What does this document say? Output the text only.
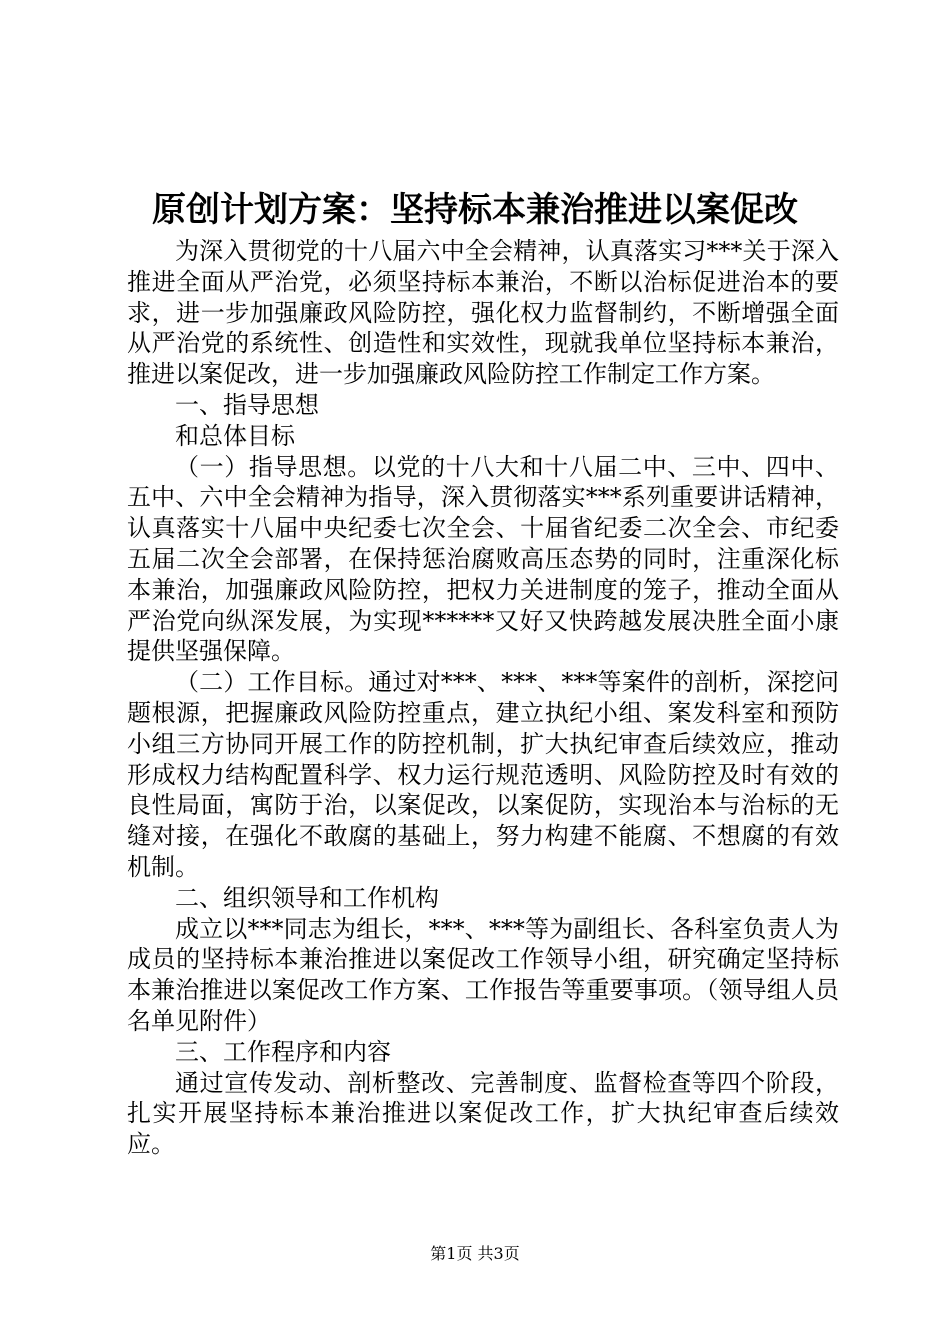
原创计划方案：坚持标本兼治推进以案促改

为深入贯彻党的十八届六中全会精神，认真落实习***关于深入推进全面从严治党，必须坚持标本兼治，不断以治标促进治本的要求，进一步加强廉政风险防控，强化权力监督制约，不断增强全面从严治党的系统性、创造性和实效性，现就我单位坚持标本兼治，推进以案促改，进一步加强廉政风险防控工作制定工作方案。

一、指导思想

和总体目标

（一）指导思想。以党的十八大和十八届二中、三中、四中、五中、六中全会精神为指导，深入贯彻落实***系列重要讲话精神，认真落实十八届中央纪委七次全会、十届省纪委二次全会、市纪委五届二次全会部署，在保持惩治腐败高压态势的同时，注重深化标本兼治，加强廉政风险防控，把权力关进制度的笼子，推动全面从严治党向纵深发展，为实现******又好又快跨越发展决胜全面小康提供坚强保障。

（二）工作目标。通过对***、***、***等案件的剖析，深挖问题根源，把握廉政风险防控重点，建立执纪小组、案发科室和预防小组三方协同开展工作的防控机制，扩大执纪审查后续效应，推动形成权力结构配置科学、权力运行规范透明、风险防控及时有效的良性局面，寓防于治，以案促改，以案促防，实现治本与治标的无缝对接，在强化不敢腐的基础上，努力构建不能腐、不想腐的有效机制。

二、组织领导和工作机构

成立以***同志为组长，***、***等为副组长、各科室负责人为成员的坚持标本兼治推进以案促改工作领导小组，研究确定坚持标本兼治推进以案促改工作方案、工作报告等重要事项。（领导组人员名单见附件）

三、工作程序和内容

通过宣传发动、剖析整改、完善制度、监督检查等四个阶段，扎实开展坚持标本兼治推进以案促改工作，扩大执纪审查后续效应。

第1页 共3页
